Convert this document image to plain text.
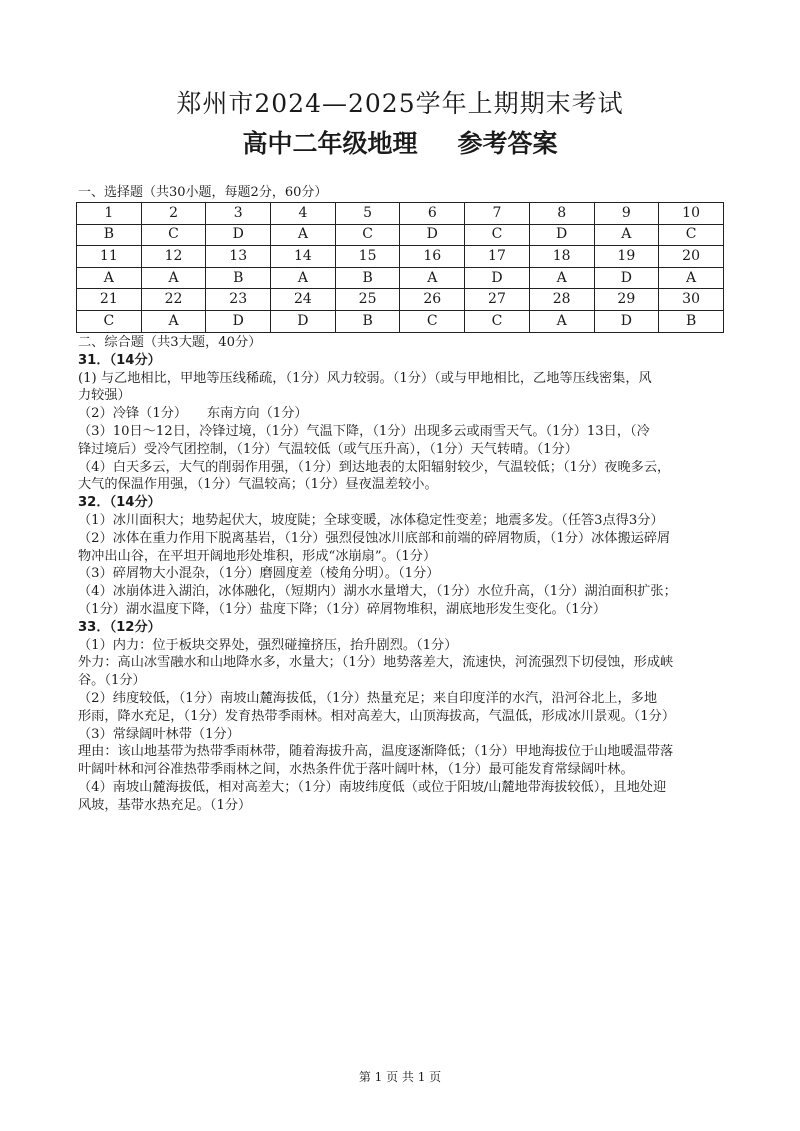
郑州市2024—2025学年上期期末考试
高中二年级地理 参考答案
一、选择题（共30小题，每题2分，60分）
1	2	3	4	5	6	7	8	9	10
B	C	D	A	C	D	C	D	A	C
11	12	13	14	15	16	17	18	19	20
A	A	B	A	B	A	D	A	D	A
21	22	23	24	25	26	27	28	29	30
C	A	D	D	B	C	C	A	D	B

二、综合题（共3大题，40分）

31．（14分）

(1) 与乙地相比，甲地等压线稀疏，（1分）风力较弱。（1分）（或与甲地相比，乙地等压线密集，风

力较强）

（2）冷锋（1分）　　东南方向（1分）

（3）10日～12日，冷锋过境，（1分）气温下降，（1分）出现多云或雨雪天气。（1分）13日，（冷

锋过境后）受冷气团控制，（1分）气温较低（或气压升高），（1分）天气转晴。（1分）

（4）白天多云，大气的削弱作用强，（1分）到达地表的太阳辐射较少，气温较低；（1分）夜晚多云，

大气的保温作用强，（1分）气温较高；（1分）昼夜温差较小。

32．（14分）

（1）冰川面积大；地势起伏大，坡度陡；全球变暖，冰体稳定性变差；地震多发。（任答3点得3分）

（2）冰体在重力作用下脱离基岩，（1分）强烈侵蚀冰川底部和前端的碎屑物质，（1分）冰体搬运碎屑

物冲出山谷，在平坦开阔地形处堆积，形成“冰崩扇”。（1分）

（3）碎屑物大小混杂，（1分）磨圆度差（棱角分明）。（1分）

（4）冰崩体进入湖泊，冰体融化，（短期内）湖水水量增大，（1分）水位升高，（1分）湖泊面积扩张；

（1分）湖水温度下降，（1分）盐度下降；（1分）碎屑物堆积，湖底地形发生变化。（1分）

33．（12分）

（1）内力：位于板块交界处，强烈碰撞挤压，抬升剧烈。（1分）

外力：高山冰雪融水和山地降水多，水量大；（1分）地势落差大，流速快，河流强烈下切侵蚀，形成峡

谷。（1分）

（2）纬度较低，（1分）南坡山麓海拔低，（1分）热量充足；来自印度洋的水汽，沿河谷北上，多地

形雨，降水充足，（1分）发育热带季雨林。相对高差大，山顶海拔高，气温低，形成冰川景观。（1分）

（3）常绿阔叶林带（1分）

理由：该山地基带为热带季雨林带，随着海拔升高，温度逐渐降低；（1分）甲地海拔位于山地暖温带落

叶阔叶林和河谷准热带季雨林之间，水热条件优于落叶阔叶林，（1分）最可能发育常绿阔叶林。

（4）南坡山麓海拔低，相对高差大；（1分）南坡纬度低（或位于阳坡/山麓地带海拔较低），且地处迎

风坡，基带水热充足。（1分）

第 1 页 共 1 页
